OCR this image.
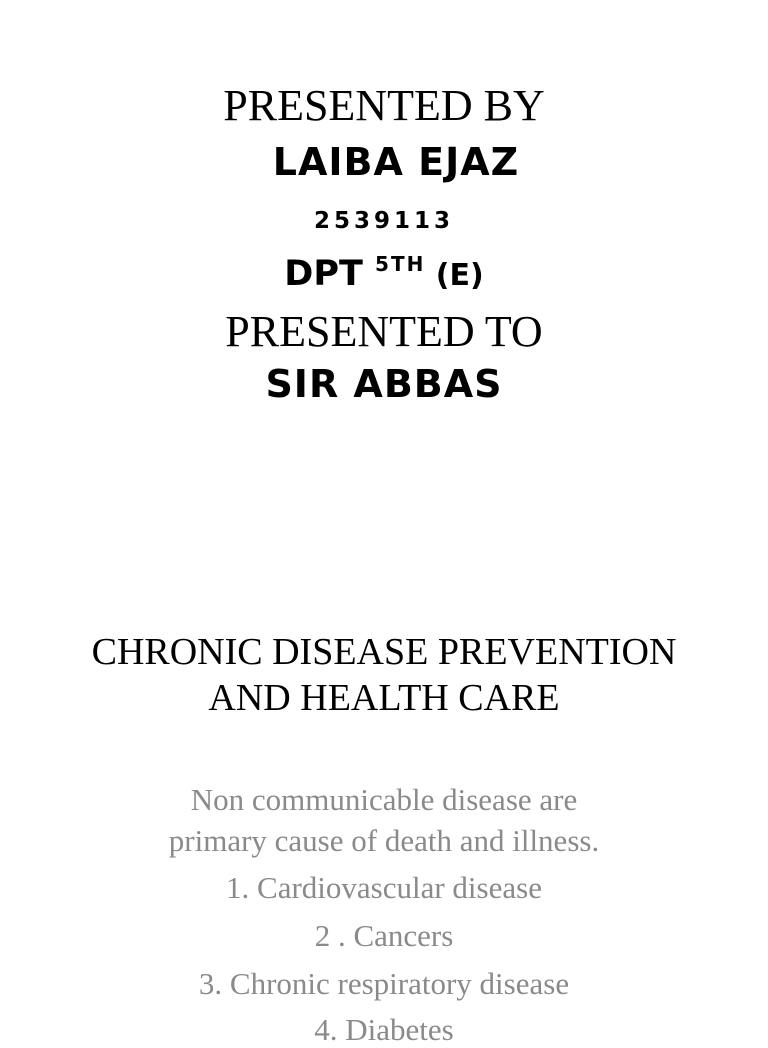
PRESENTED BY
LAIBA EJAZ
2539113
DPT $^{5TH}$ (E)
PRESENTED TO
SIR ABBAS
CHRONIC DISEASE PREVENTION
AND HEALTH CARE
Non communicable disease are
primary cause of death and illness.
1. Cardiovascular disease
2 . Cancers
3. Chronic respiratory disease
4. Diabetes
